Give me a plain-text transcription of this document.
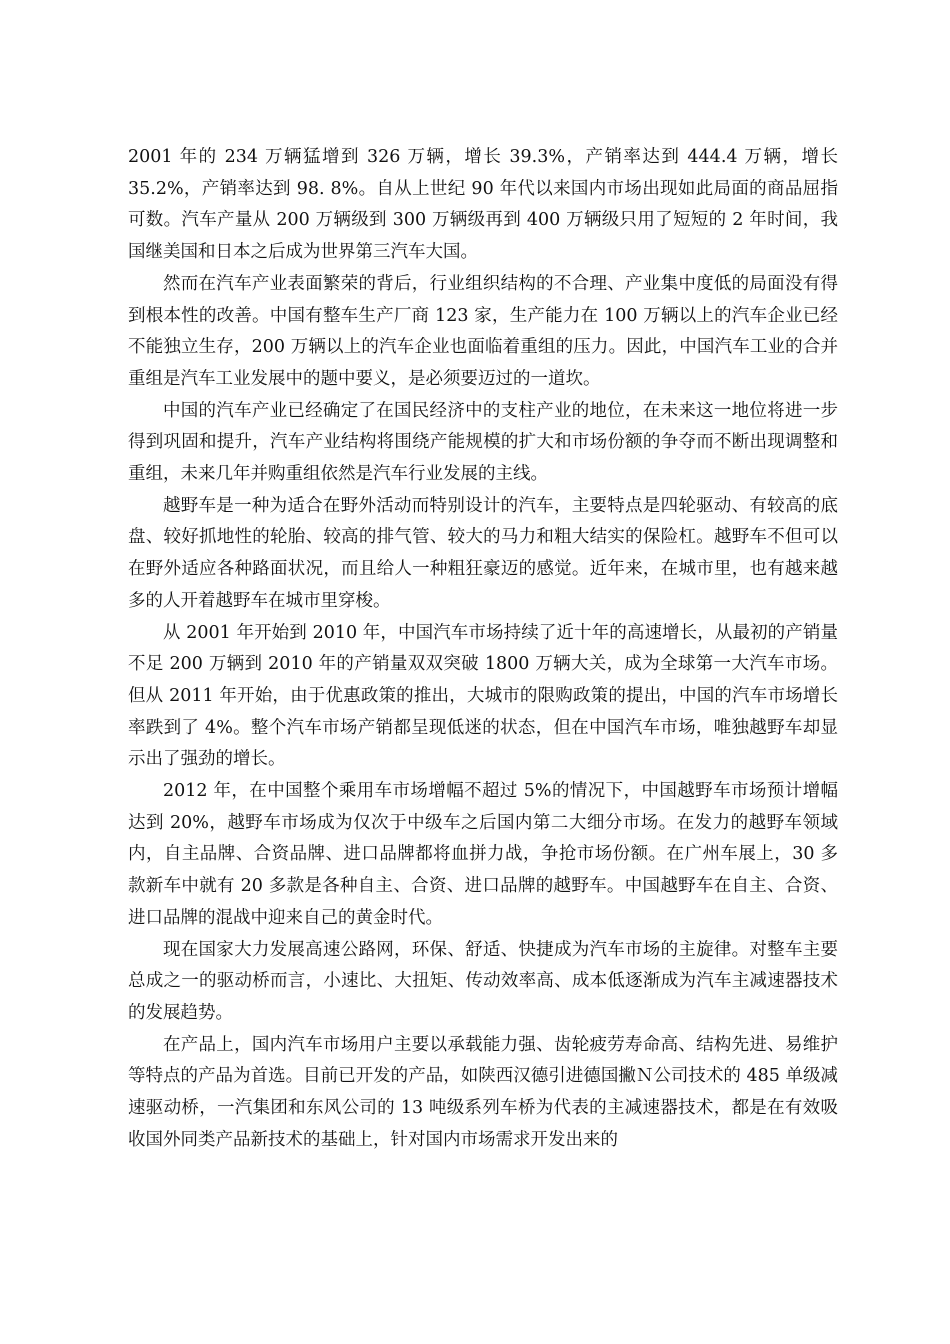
2001 年的 234 万辆猛增到 326 万辆，增长 39.3%，产销率达到 444.4 万辆，增长 35.2%，产销率达到 98. 8%。自从上世纪 90 年代以来国内市场出现如此局面的商品屈指可数。汽车产量从 200 万辆级到 300 万辆级再到 400 万辆级只用了短短的 2 年时间，我国继美国和日本之后成为世界第三汽车大国。

然而在汽车产业表面繁荣的背后，行业组织结构的不合理、产业集中度低的局面没有得到根本性的改善。中国有整车生产厂商 123 家，生产能力在 100 万辆以上的汽车企业已经不能独立生存，200 万辆以上的汽车企业也面临着重组的压力。因此，中国汽车工业的合并重组是汽车工业发展中的题中要义，是必须要迈过的一道坎。

中国的汽车产业已经确定了在国民经济中的支柱产业的地位，在未来这一地位将进一步得到巩固和提升，汽车产业结构将围绕产能规模的扩大和市场份额的争夺而不断出现调整和重组，未来几年并购重组依然是汽车行业发展的主线。

越野车是一种为适合在野外活动而特别设计的汽车，主要特点是四轮驱动、有较高的底盘、较好抓地性的轮胎、较高的排气管、较大的马力和粗大结实的保险杠。越野车不但可以在野外适应各种路面状况，而且给人一种粗狂豪迈的感觉。近年来，在城市里，也有越来越多的人开着越野车在城市里穿梭。

从 2001 年开始到 2010 年，中国汽车市场持续了近十年的高速增长，从最初的产销量不足 200 万辆到 2010 年的产销量双双突破 1800 万辆大关，成为全球第一大汽车市场。但从 2011 年开始，由于优惠政策的推出，大城市的限购政策的提出，中国的汽车市场增长率跌到了 4%。整个汽车市场产销都呈现低迷的状态，但在中国汽车市场，唯独越野车却显示出了强劲的增长。

2012 年，在中国整个乘用车市场增幅不超过 5%的情况下，中国越野车市场预计增幅达到 20%，越野车市场成为仅次于中级车之后国内第二大细分市场。在发力的越野车领域内，自主品牌、合资品牌、进口品牌都将血拼力战，争抢市场份额。在广州车展上，30 多款新车中就有 20 多款是各种自主、合资、进口品牌的越野车。中国越野车在自主、合资、进口品牌的混战中迎来自己的黄金时代。

现在国家大力发展高速公路网，环保、舒适、快捷成为汽车市场的主旋律。对整车主要总成之一的驱动桥而言，小速比、大扭矩、传动效率高、成本低逐渐成为汽车主减速器技术的发展趋势。

在产品上，国内汽车市场用户主要以承载能力强、齿轮疲劳寿命高、结构先进、易维护等特点的产品为首选。目前已开发的产品，如陕西汉德引进德国撇Ｎ公司技术的 485 单级减速驱动桥，一汽集团和东风公司的 13 吨级系列车桥为代表的主减速器技术，都是在有效吸收国外同类产品新技术的基础上，针对国内市场需求开发出来的
